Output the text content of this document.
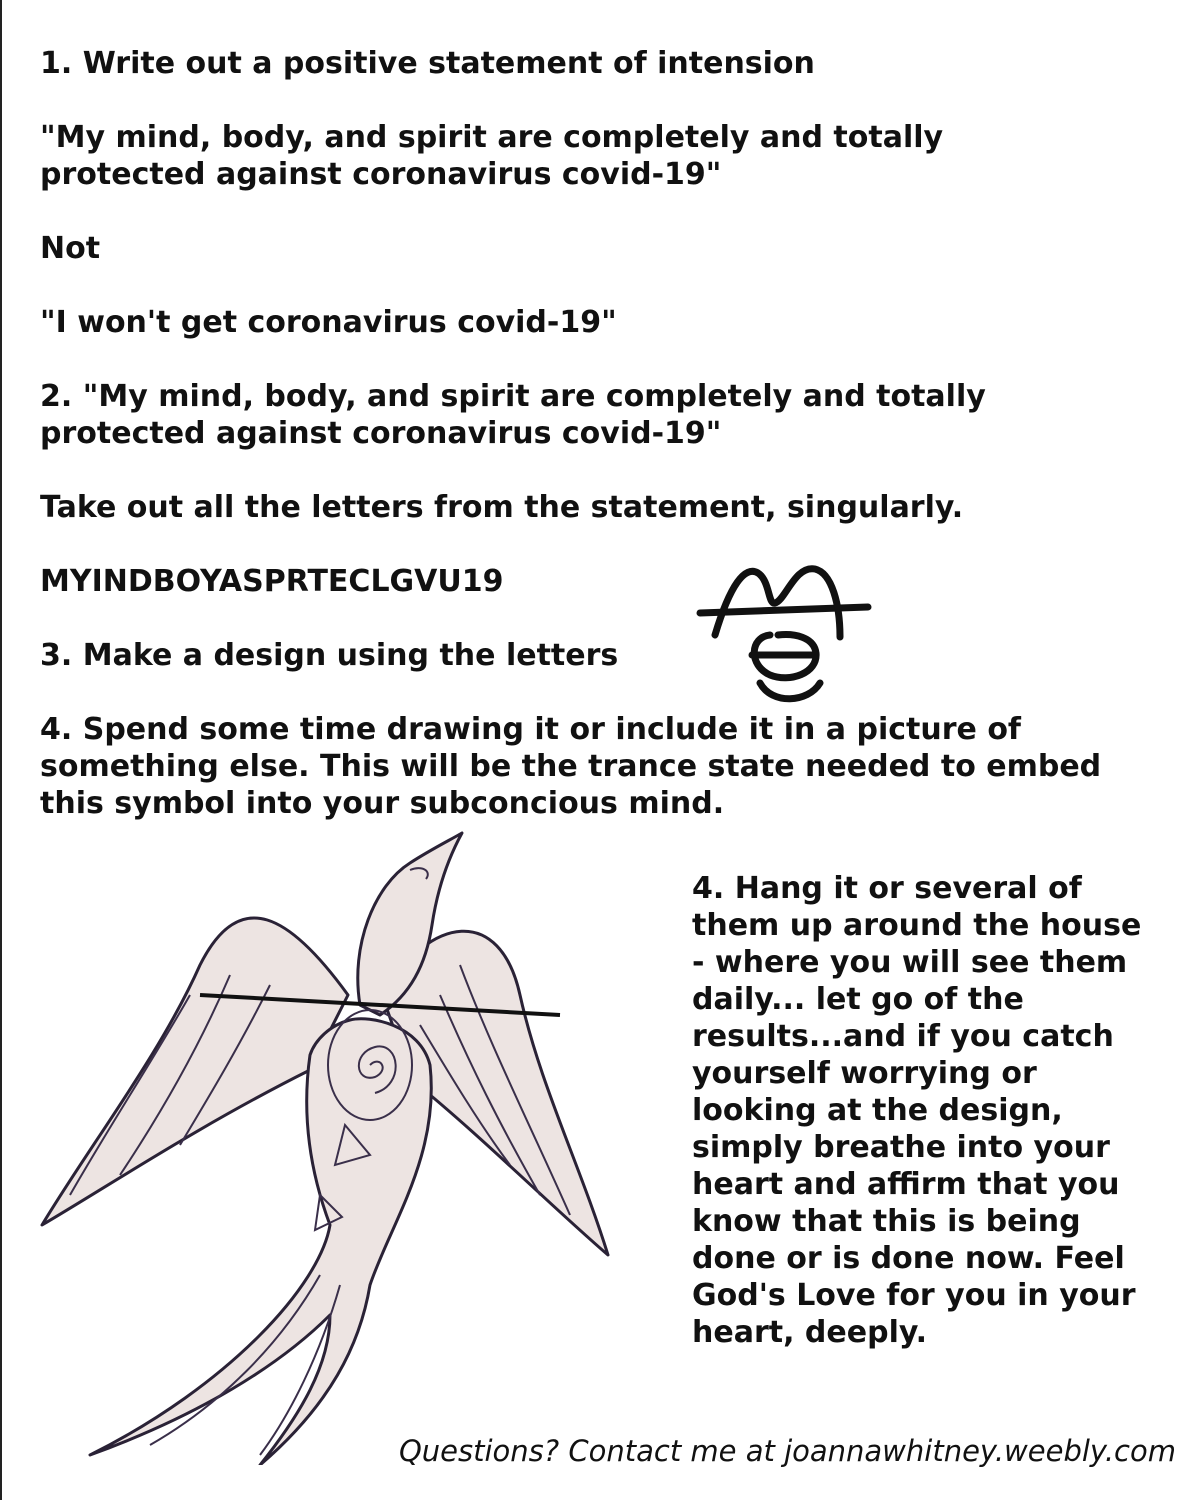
1. Write out a positive statement of intension

"My mind, body, and spirit are completely and totally

protected against coronavirus covid-19"

Not

"I won't get coronavirus covid-19"

2. "My mind, body, and spirit are completely and totally

protected against coronavirus covid-19"

Take out all the letters from the statement, singularly.

MYINDBOYASPRTECLGVU19

3. Make a design using the letters

4. Spend some time drawing it or include it in a picture of

something else. This will be the trance state needed to embed

this symbol into your subconcious mind.

4. Hang it or several of them up around the house - where you will see them daily... let go of the results...and if you catch yourself worrying or looking at the design, simply breathe into your heart and affirm that you know that this is being done or is done now. Feel God's Love for you in your heart, deeply.

Questions? Contact me at joannawhitney.weebly.com
